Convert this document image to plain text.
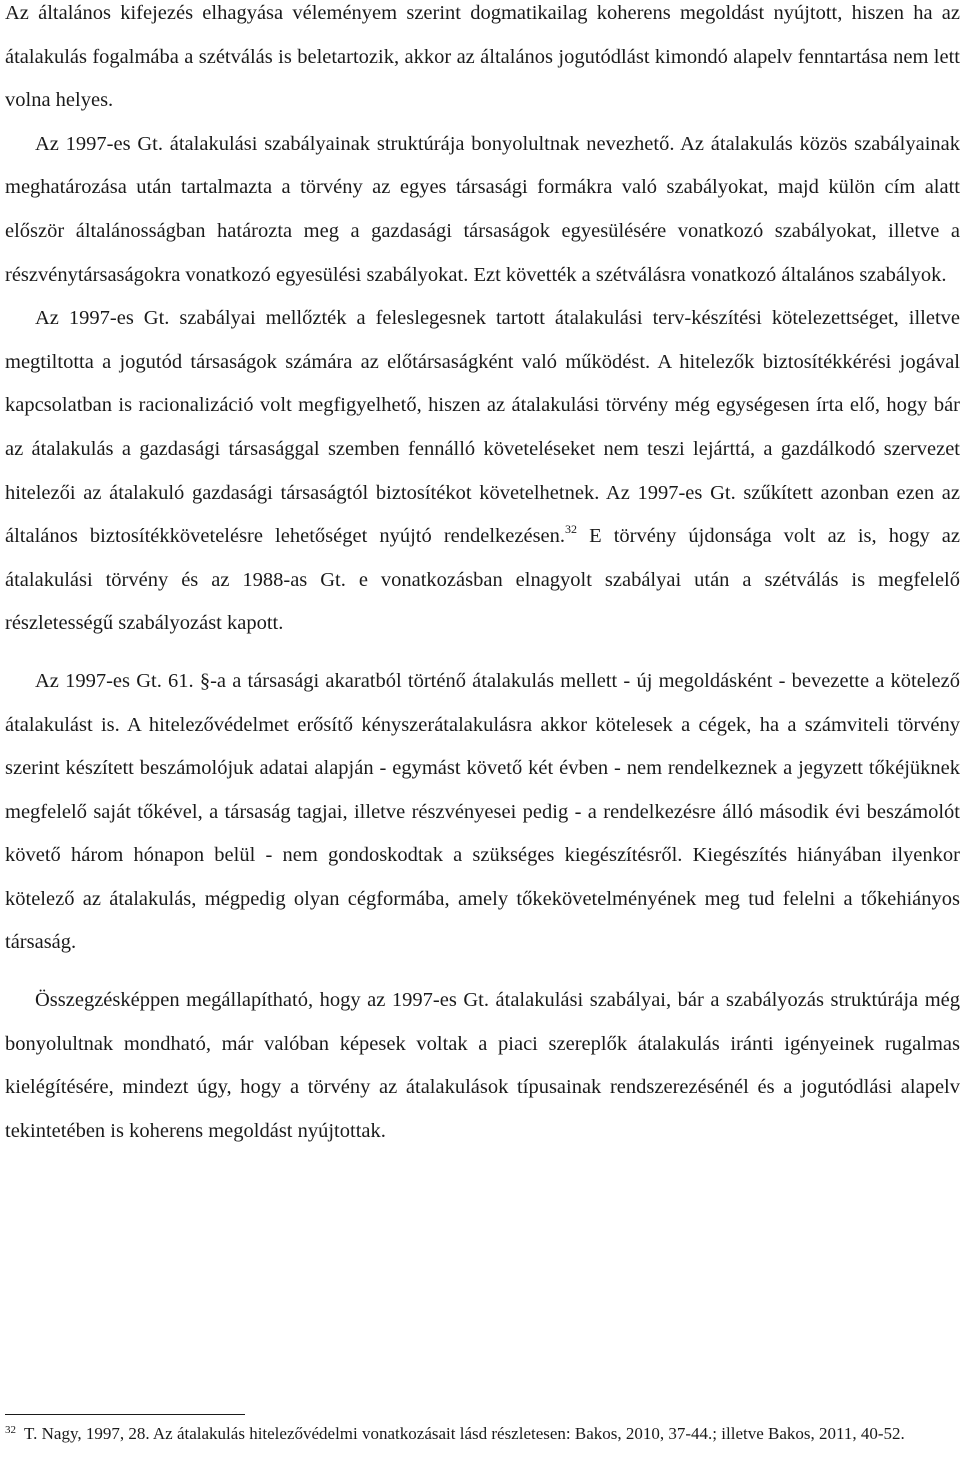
Az általános kifejezés elhagyása véleményem szerint dogmatikailag koherens megoldást nyújtott, hiszen ha az átalakulás fogalmába a szétválás is beletartozik, akkor az általános jogutódlást kimondó alapelv fenntartása nem lett volna helyes.

Az 1997-es Gt. átalakulási szabályainak struktúrája bonyolultnak nevezhető. Az átalakulás közös szabályainak meghatározása után tartalmazta a törvény az egyes társasági formákra való szabályokat, majd külön cím alatt először általánosságban határozta meg a gazdasági társaságok egyesülésére vonatkozó szabályokat, illetve a részvénytársaságokra vonatkozó egyesülési szabályokat. Ezt követték a szétválásra vonatkozó általános szabályok.

Az 1997-es Gt. szabályai mellőzték a feleslegesnek tartott átalakulási terv-készítési kötelezettséget, illetve megtiltotta a jogutód társaságok számára az előtársaságként való működést. A hitelezők biztosítékkérési jogával kapcsolatban is racionalizáció volt megfigyelhető, hiszen az átalakulási törvény még egységesen írta elő, hogy bár az átalakulás a gazdasági társasággal szemben fennálló követeléseket nem teszi lejárttá, a gazdálkodó szervezet hitelezői az átalakuló gazdasági társaságtól biztosítékot követelhetnek. Az 1997-es Gt. szűkített azonban ezen az általános biztosítékkövetelésre lehetőséget nyújtó rendelkezésen.$^{32}$ E törvény újdonsága volt az is, hogy az átalakulási törvény és az 1988-as Gt. e vonatkozásban elnagyolt szabályai után a szétválás is megfelelő részletességű szabályozást kapott.

Az 1997-es Gt. 61. §-a a társasági akaratból történő átalakulás mellett - új megoldásként - bevezette a kötelező átalakulást is. A hitelezővédelmet erősítő kényszerátalakulásra akkor kötelesek a cégek, ha a számviteli törvény szerint készített beszámolójuk adatai alapján - egymást követő két évben - nem rendelkeznek a jegyzett tőkéjüknek megfelelő saját tőkével, a társaság tagjai, illetve részvényesei pedig - a rendelkezésre álló második évi beszámolót követő három hónapon belül - nem gondoskodtak a szükséges kiegészítésről. Kiegészítés hiányában ilyenkor kötelező az átalakulás, mégpedig olyan cégformába, amely tőkekövetelményének meg tud felelni a tőkehiányos társaság.

Összegzésképpen megállapítható, hogy az 1997-es Gt. átalakulási szabályai, bár a szabályozás struktúrája még bonyolultnak mondható, már valóban képesek voltak a piaci szereplők átalakulás iránti igényeinek rugalmas kielégítésére, mindezt úgy, hogy a törvény az átalakulások típusainak rendszerezésénél és a jogutódlási alapelv tekintetében is koherens megoldást nyújtottak.

$^{32}$ T. Nagy, 1997, 28. Az átalakulás hitelezővédelmi vonatkozásait lásd részletesen: Bakos, 2010, 37-44.; illetve Bakos, 2011, 40-52.
